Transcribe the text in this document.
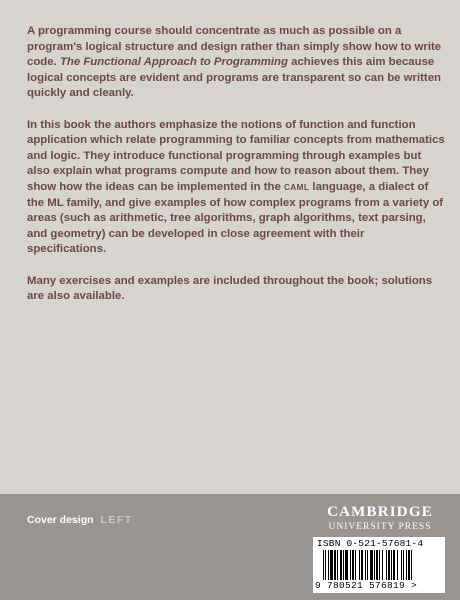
A programming course should concentrate as much as possible on a program's logical structure and design rather than simply show how to write code. The Functional Approach to Programming achieves this aim because logical concepts are evident and programs are transparent so can be written quickly and cleanly.

In this book the authors emphasize the notions of function and function application which relate programming to familiar concepts from mathematics and logic. They introduce functional programming through examples but also explain what programs compute and how to reason about them. They show how the ideas can be implemented in the CAML language, a dialect of the ML family, and give examples of how complex programs from a variety of areas (such as arithmetic, tree algorithms, graph algorithms, text parsing, and geometry) can be developed in close agreement with their specifications.

Many exercises and examples are included throughout the book; solutions are also available.

Cover design LEFT	CAMBRIDGE
UNIVERSITY PRESS
ISBN 0-521-57681-4
9 780521 576819 >
